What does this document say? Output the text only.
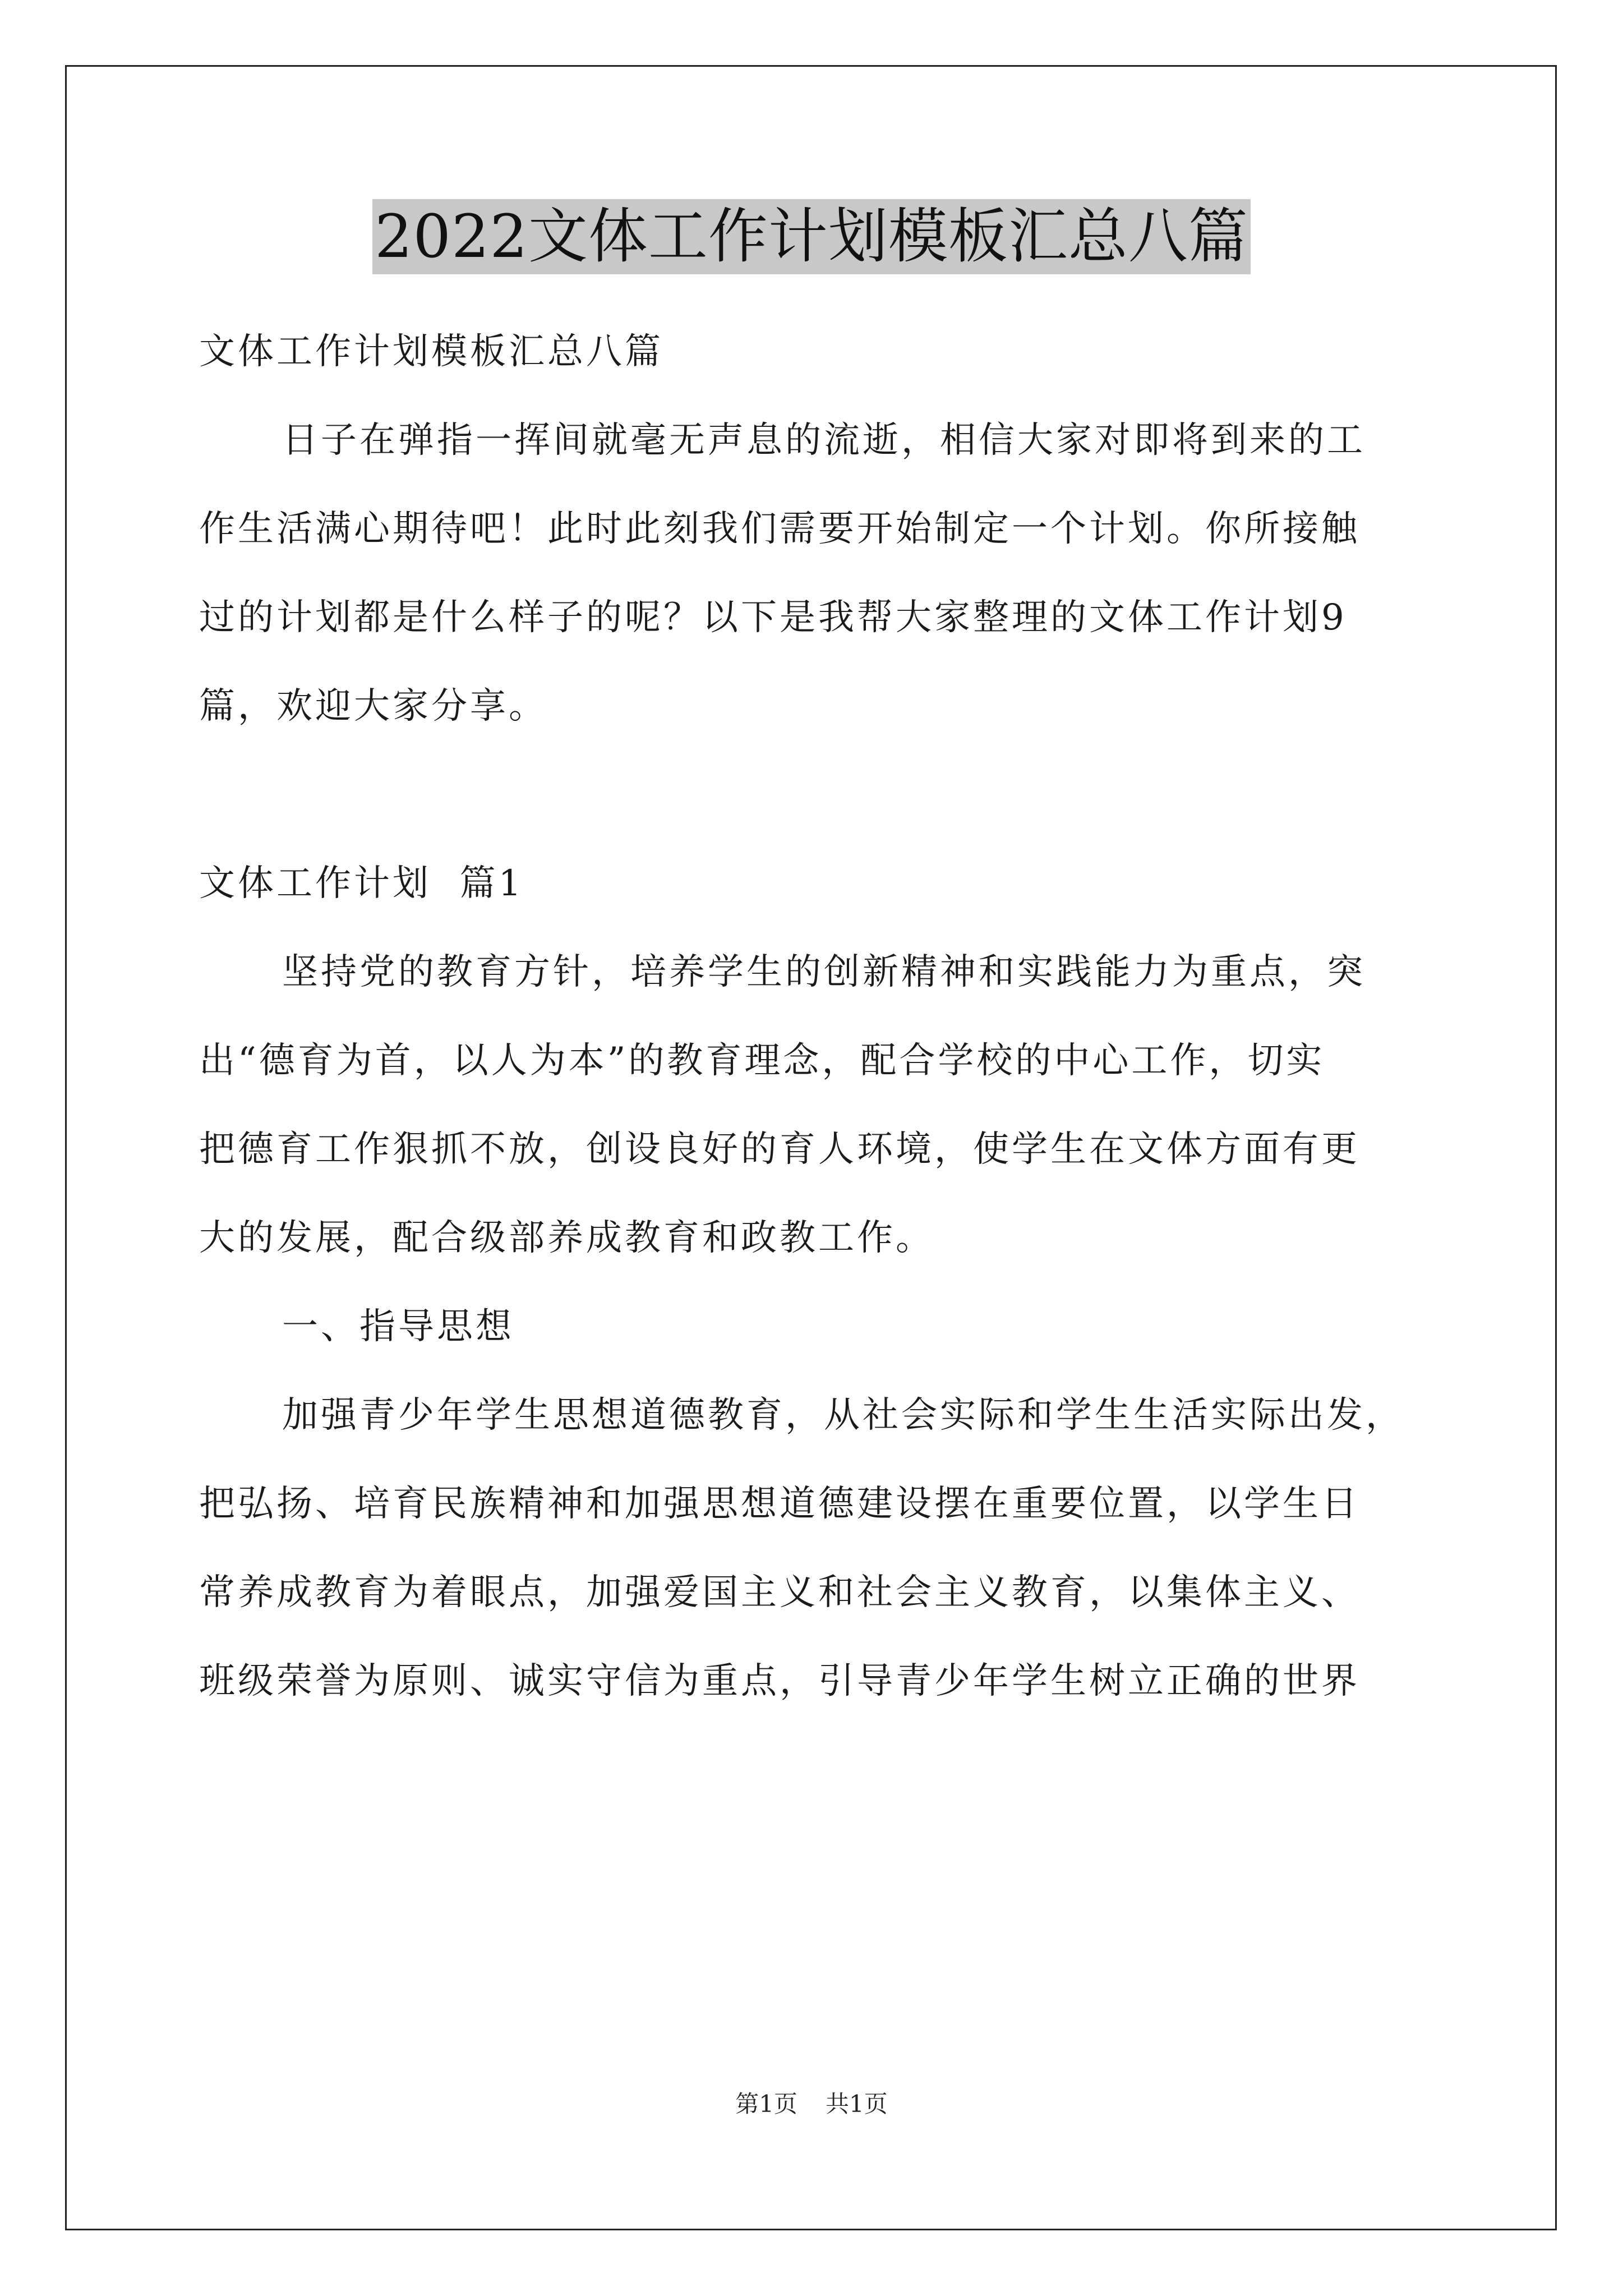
2022文体工作计划模板汇总八篇
文体工作计划模板汇总八篇
日子在弹指一挥间就毫无声息的流逝，相信大家对即将到来的工
作生活满心期待吧！此时此刻我们需要开始制定一个计划。你所接触
过的计划都是什么样子的呢？以下是我帮大家整理的文体工作计划9
篇，欢迎大家分享。
文体工作计划  篇1
坚持党的教育方针，培养学生的创新精神和实践能力为重点，突
出“德育为首，以人为本”的教育理念，配合学校的中心工作，切实
把德育工作狠抓不放，创设良好的育人环境，使学生在文体方面有更
大的发展，配合级部养成教育和政教工作。
一、指导思想
加强青少年学生思想道德教育，从社会实际和学生生活实际出发，
把弘扬、培育民族精神和加强思想道德建设摆在重要位置，以学生日
常养成教育为着眼点，加强爱国主义和社会主义教育，以集体主义、
班级荣誉为原则、诚实守信为重点，引导青少年学生树立正确的世界
第1页 共1页
